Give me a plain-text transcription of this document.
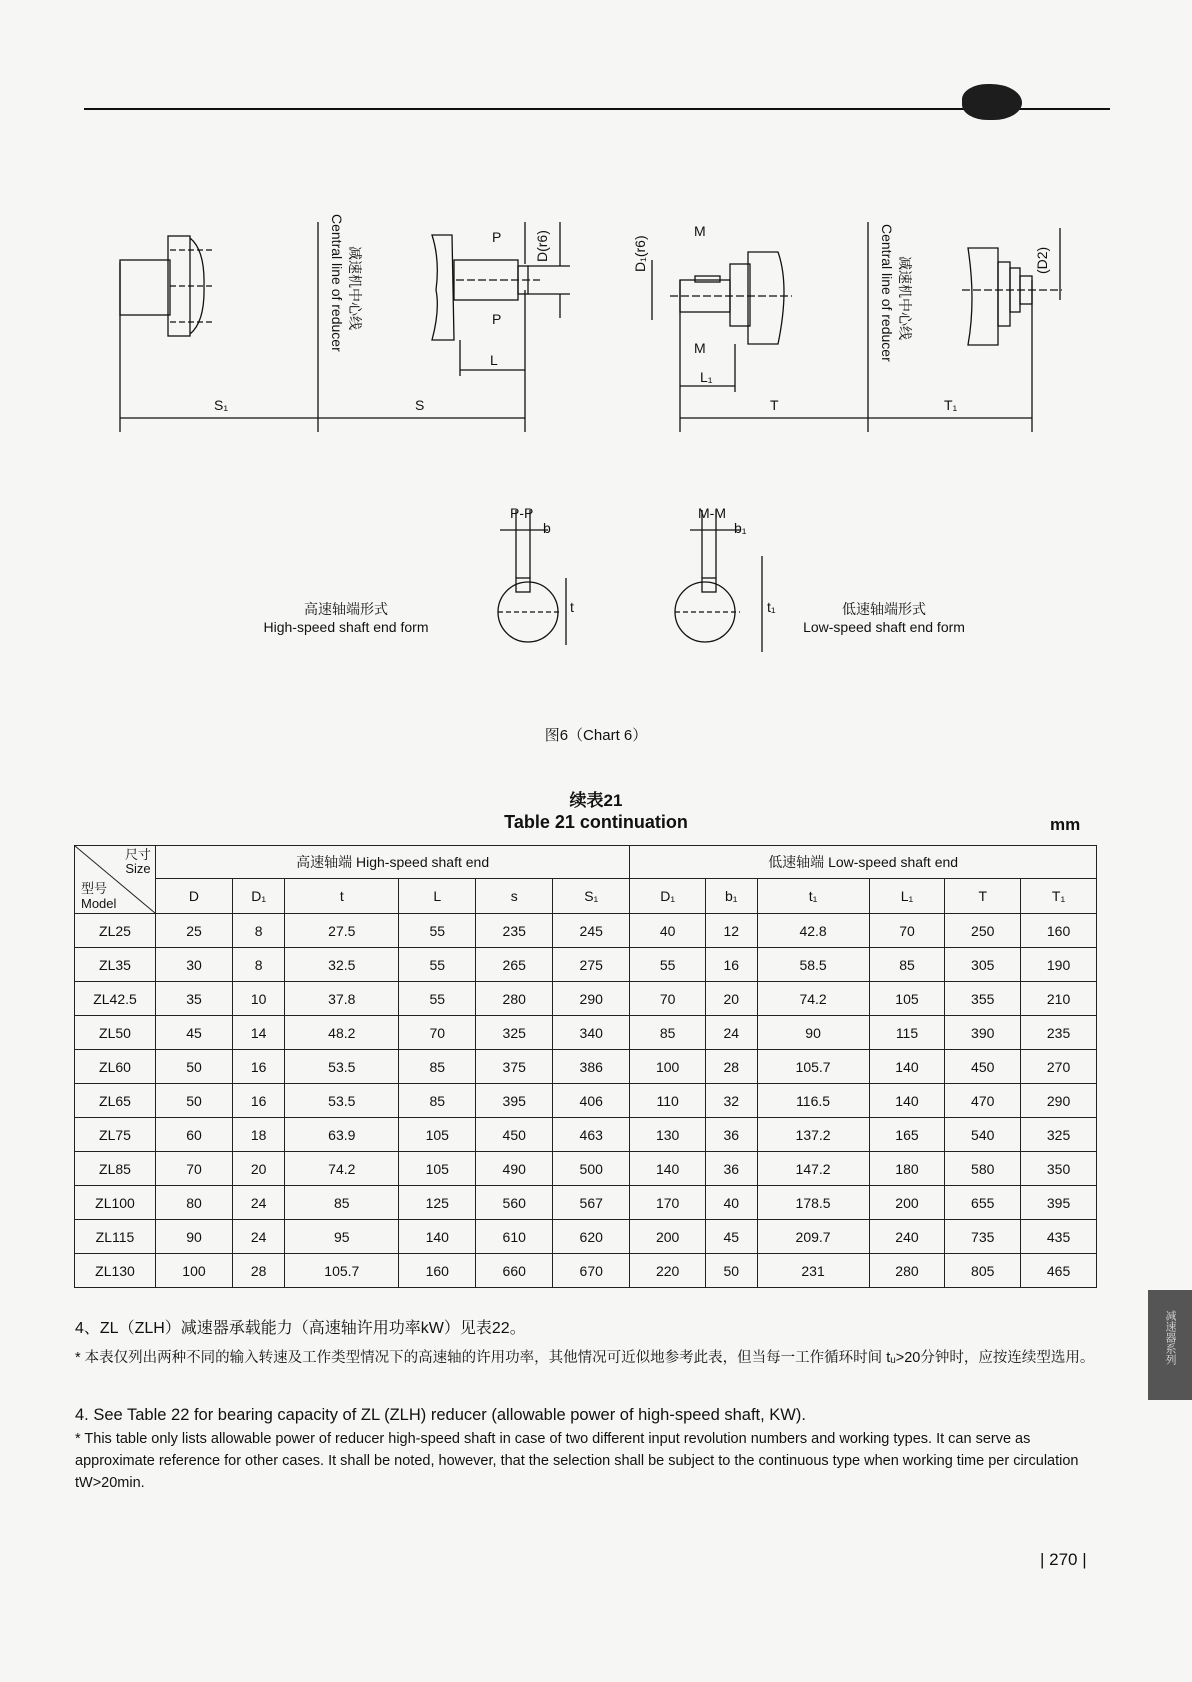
S₁	S
L
L₁
T	T₁
P
P
M
M
D(r6)	D₁(r6)	(D2)
Central line of reducer 减速机中心线	Central line of reducer 减速机中心线
P-P
b
M-M
b₁
t	t₁
高速轴端形式
High-speed shaft end form
低速轴端形式
Low-speed shaft end form
图6（Chart 6）
续表21
Table 21 continuation	mm
尺寸
Size
型号
Model	高速轴端 High-speed shaft end						低速轴端 Low-speed shaft end					
	D	D₁	t	L	s	S₁	D₁	b₁	t₁	L₁	T	T₁
ZL25	25	8	27.5	55	235	245	40	12	42.8	70	250	160
ZL35	30	8	32.5	55	265	275	55	16	58.5	85	305	190
ZL42.5	35	10	37.8	55	280	290	70	20	74.2	105	355	210
ZL50	45	14	48.2	70	325	340	85	24	90	115	390	235
ZL60	50	16	53.5	85	375	386	100	28	105.7	140	450	270
ZL65	50	16	53.5	85	395	406	110	32	116.5	140	470	290
ZL75	60	18	63.9	105	450	463	130	36	137.2	165	540	325
ZL85	70	20	74.2	105	490	500	140	36	147.2	180	580	350
ZL100	80	24	85	125	560	567	170	40	178.5	200	655	395
ZL115	90	24	95	140	610	620	200	45	209.7	240	735	435
ZL130	100	28	105.7	160	660	670	220	50	231	280	805	465
4、ZL（ZLH）减速器承载能力（高速轴许用功率kW）见表22。
* 本表仅列出两种不同的输入转速及工作类型情况下的高速轴的许用功率，其他情况可近似地参考此表，但当每一工作循环时间 tᵤ>20分钟时，应按连续型选用。
4. See Table 22 for bearing capacity of ZL (ZLH) reducer (allowable power of high-speed shaft, KW).
* This table only lists allowable power of reducer high-speed shaft in case of two different input revolution numbers and working types. It can serve as approximate reference for other cases. It shall be noted, however, that the selection shall be subject to the continuous type when working time per circulation tW>20min.
| 270 |
减速器系列
